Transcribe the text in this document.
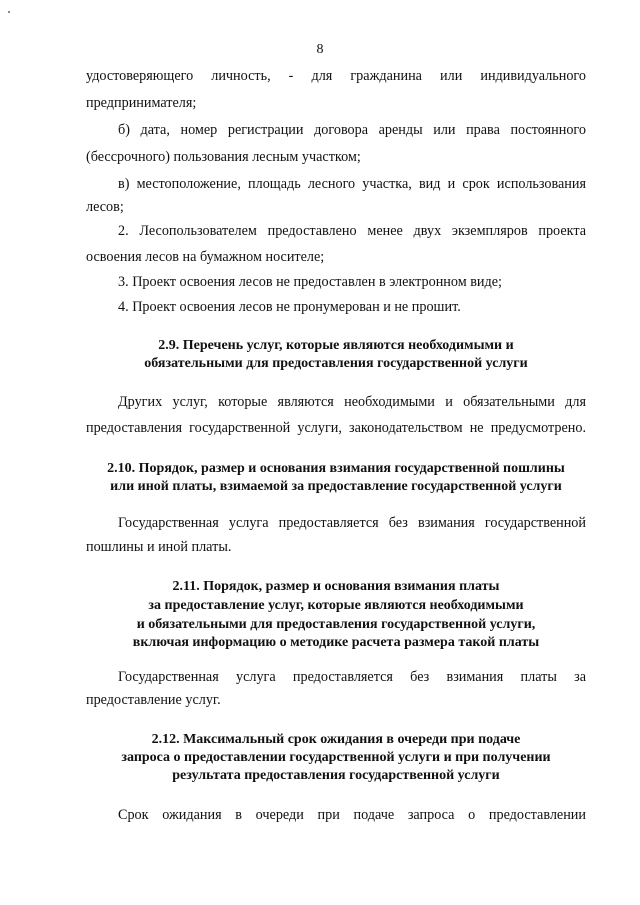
8
удостоверяющего личность, - для гражданина или индивидуального
предпринимателя;
б) дата, номер регистрации договора аренды или права постоянного
(бессрочного) пользования лесным участком;
в) местоположение, площадь лесного участка, вид и срок использования
лесов;
2. Лесопользователем предоставлено менее двух экземпляров проекта
освоения лесов на бумажном носителе;
3. Проект освоения лесов не предоставлен в электронном виде;
4. Проект освоения лесов не пронумерован и не прошит.
2.9. Перечень услуг, которые являются необходимыми и
обязательными для предоставления государственной услуги
Других услуг, которые являются необходимыми и обязательными для
предоставления государственной услуги, законодательством не предусмотрено.
2.10. Порядок, размер и основания взимания государственной пошлины
или иной платы, взимаемой за предоставление государственной услуги
Государственная услуга предоставляется без взимания государственной
пошлины и иной платы.
2.11. Порядок, размер и основания взимания платы
за предоставление услуг, которые являются необходимыми
и обязательными для предоставления государственной услуги,
включая информацию о методике расчета размера такой платы
Государственная услуга предоставляется без взимания платы за
предоставление услуг.
2.12. Максимальный срок ожидания в очереди при подаче
запроса о предоставлении государственной услуги и при получении
результата предоставления государственной услуги
Срок ожидания в очереди при подаче запроса о предоставлении
